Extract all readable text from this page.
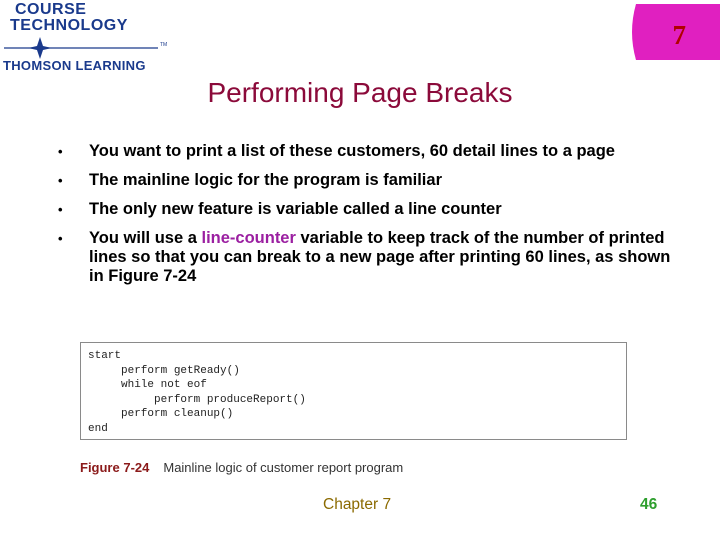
COURSE
TECHNOLOGY
TM
THOMSON LEARNING
7
Performing Page Breaks
• You want to print a list of these customers, 60 detail lines to a page
• The mainline logic for the program is familiar
• The only new feature is variable called a line counter
• You will use a line-counter variable to keep track of the number of printed lines so that you can break to a new page after printing 60 lines, as shown in Figure 7-24
start
perform getReady()
while not eof
perform produceReport()
perform cleanup()
end
Figure 7-24 Mainline logic of customer report program
Chapter 7	46
